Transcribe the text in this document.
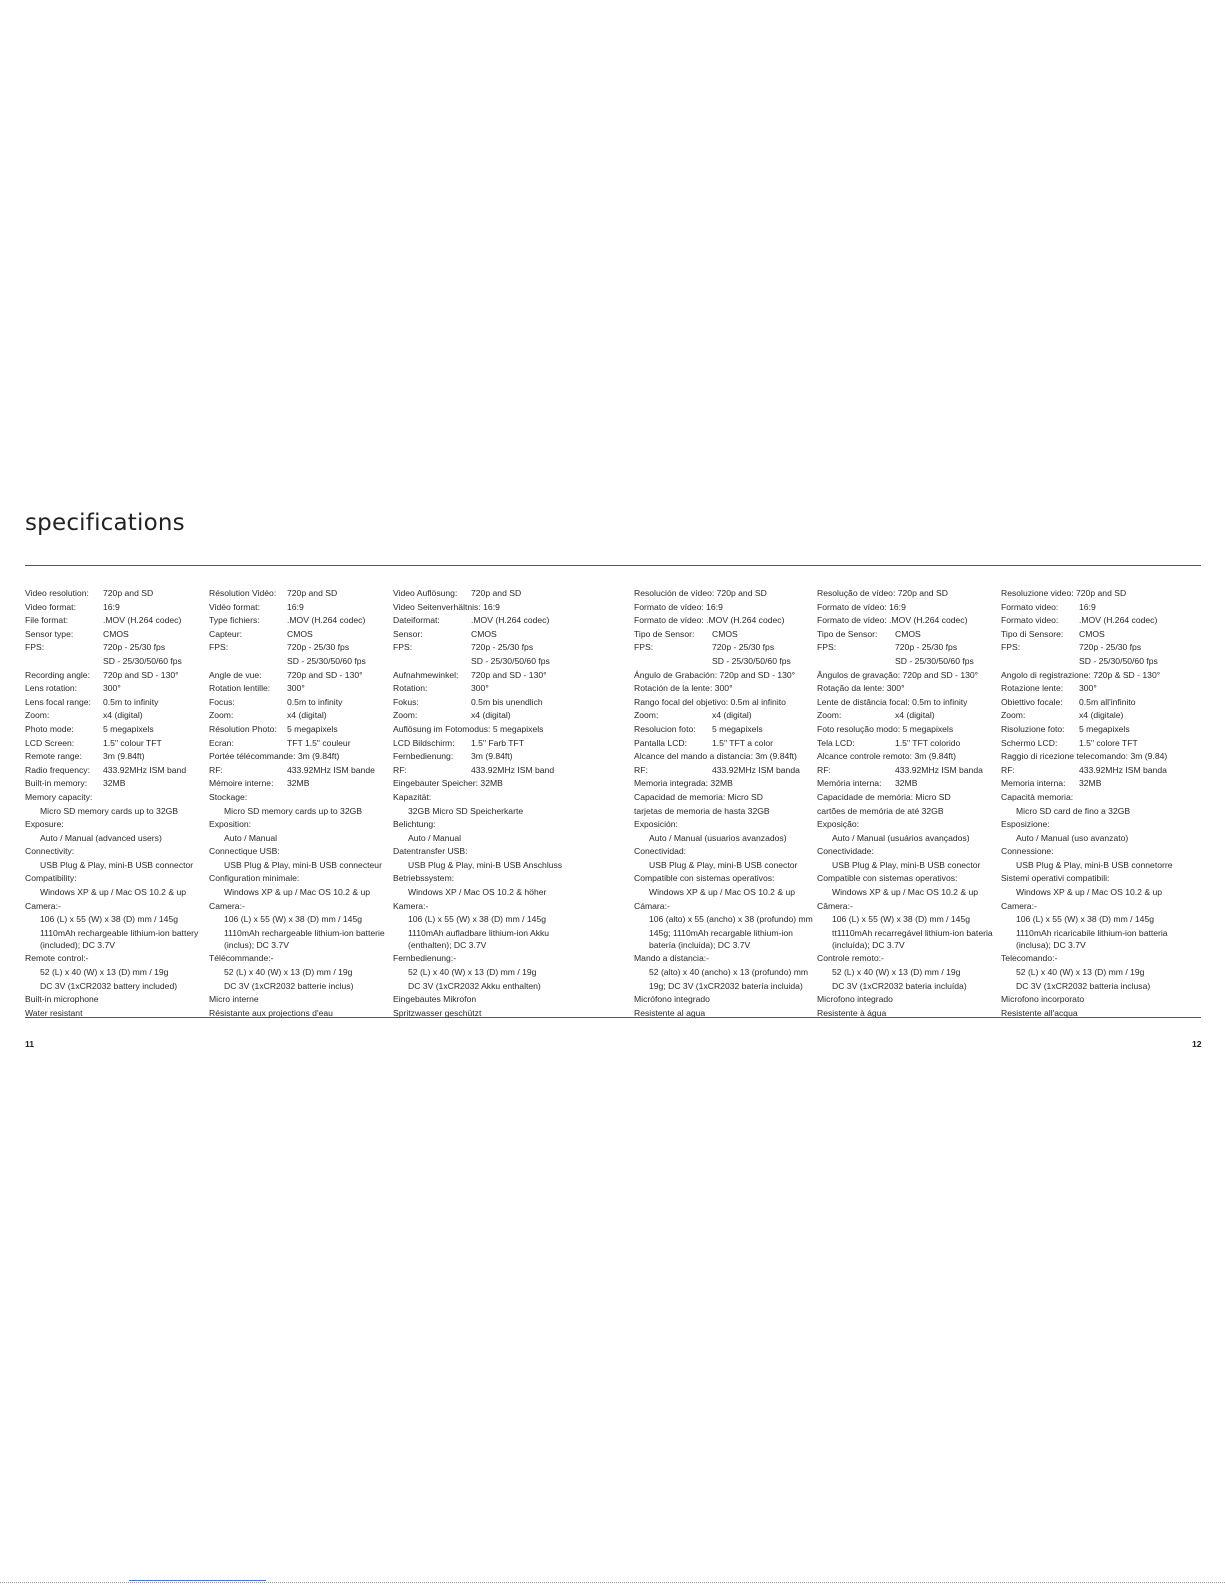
specifications
Video resolution: 720p and SD
Video format:	16:9
File format:	.MOV (H.264 codec)
Sensor type:	CMOS
FPS:	720p - 25/30 fps
SD - 25/30/50/60 fps
Recording angle: 720p and SD - 130°
Lens rotation:	300°
Lens focal range: 0.5m to infinity
Zoom:	x4 (digital)
Photo mode:	5 megapixels
LCD Screen:	1.5" colour TFT
Remote range: 3m (9.84ft)
Radio frequency: 433.92MHz ISM band
Built-in memory: 32MB
Memory capacity:
Micro SD memory cards up to 32GB
Exposure:
Auto / Manual (advanced users)
Connectivity:
USB Plug & Play, mini-B USB connector
Compatibility:
Windows XP & up / Mac OS 10.2 & up
Camera:-
106 (L) x 55 (W) x 38 (D) mm / 145g
1110mAh rechargeable lithium-ion battery (included); DC 3.7V
Remote control:-
52 (L) x 40 (W) x 13 (D) mm / 19g
DC 3V (1xCR2032 battery included)
Built-in microphone
Water resistant
Résolution Vidéo: 720p and SD
Vidéo format:	16:9
Type fichiers:	.MOV (H.264 codec)
Capteur:	CMOS
FPS:	720p - 25/30 fps
SD - 25/30/50/60 fps
Angle de vue:	720p and SD - 130°
Rotation lentille: 300°
Focus:	0.5m to infinity
Zoom:	x4 (digital)
Résolution Photo: 5 megapixels
Ecran:	TFT 1.5" couleur
Portée télécommande: 3m (9.84ft)
RF:	433.92MHz ISM bande
Mémoire interne: 32MB
Stockage:
Micro SD memory cards up to 32GB
Exposition:
Auto / Manual
Connectique USB:
USB Plug & Play, mini-B USB connecteur
Configuration minimale:
Windows XP & up / Mac OS 10.2 & up
Camera:-
106 (L) x 55 (W) x 38 (D) mm / 145g
1110mAh rechargeable lithium-ion batterie (inclus); DC 3.7V
Télécommande:-
52 (L) x 40 (W) x 13 (D) mm / 19g
DC 3V (1xCR2032 batterie inclus)
Micro interne
Résistante aux projections d'eau
Video Auflösung: 720p and SD
Video Seitenverhältnis: 16:9
Dateiformat:	.MOV (H.264 codec)
Sensor:	CMOS
FPS:	720p - 25/30 fps
SD - 25/30/50/60 fps
Aufnahmewinkel: 720p and SD - 130°
Rotation:	300°
Fokus:	0.5m bis unendlich
Zoom:	x4 (digital)
Auflösung im Fotomodus: 5 megapixels
LCD Bildschirm: 1.5" Farb TFT
Fernbedienung: 3m (9.84ft)
RF:	433.92MHz ISM band
Eingebauter Speicher: 32MB
Kapazität:
32GB Micro SD Speicherkarte
Belichtung:
Auto / Manual
Datentransfer USB:
USB Plug & Play, mini-B USB Anschluss
Betriebssystem:
Windows XP / Mac OS 10.2 & höher
Kamera:-
106 (L) x 55 (W) x 38 (D) mm / 145g
1110mAh aufladbare lithium-ion Akku (enthalten); DC 3.7V
Fernbedienung:-
52 (L) x 40 (W) x 13 (D) mm / 19g
DC 3V (1xCR2032 Akku enthalten)
Eingebautes Mikrofon
Spritzwasser geschützt
Resolución de vídeo: 720p and SD
Formato de vídeo: 16:9
Formato de vídeo: .MOV (H.264 codec)
Tipo de Sensor: CMOS
FPS:	720p - 25/30 fps
SD - 25/30/50/60 fps
Ángulo de Grabación: 720p and SD - 130°
Rotación de la lente: 300°
Rango focal del objetivo: 0.5m al infinito
Zoom:	x4 (digital)
Resolucion foto: 5 megapixels
Pantalla LCD:	1.5" TFT a color
Alcance del mando a distancia: 3m (9.84ft)
RF:	433.92MHz ISM banda
Memoria integrada: 32MB
Capacidad de memoria: Micro SD
tarjetas de memoria de hasta 32GB
Exposición:
Auto / Manual (usuarios avanzados)
Conectividad:
USB Plug & Play, mini-B USB conector
Compatible con sistemas operativos:
Windows XP & up / Mac OS 10.2 & up
Cámara:-
106 (alto) x 55 (ancho) x 38 (profundo) mm
145g; 1110mAh recargable lithium-ion batería (incluida); DC 3.7V
Mando a distancia:-
52 (alto) x 40 (ancho) x 13 (profundo) mm
19g; DC 3V (1xCR2032 batería incluida)
Micrófono integrado
Resistente al agua
Resolução de vídeo: 720p and SD
Formato de vídeo: 16:9
Formato de vídeo: .MOV (H.264 codec)
Tipo de Sensor: CMOS
FPS:	720p - 25/30 fps
SD - 25/30/50/60 fps
Ângulos de gravação: 720p and SD - 130°
Rotação da lente: 300°
Lente de distância focal: 0.5m to infinity
Zoom:	x4 (digital)
Foto resolução modo: 5 megapixels
Tela LCD:	1.5" TFT colorido
Alcance controle remoto: 3m (9.84ft)
RF:	433.92MHz ISM banda
Memória interna: 32MB
Capacidade de memória: Micro SD
cartões de memória de até 32GB
Exposição:
Auto / Manual (usuários avançados)
Conectividade:
USB Plug & Play, mini-B USB conector
Compatible con sistemas operativos:
Windows XP & up / Mac OS 10.2 & up
Câmera:-
106 (L) x 55 (W) x 38 (D) mm / 145g
tt1110mAh recarregável lithium-ion bateria (incluída); DC 3.7V
Controle remoto:-
52 (L) x 40 (W) x 13 (D) mm / 19g
DC 3V (1xCR2032 bateria incluída)
Microfono integrado
Resistente à água
Resoluzione video: 720p and SD
Formato video: 16:9
Formato video: .MOV (H.264 codec)
Tipo di Sensore: CMOS
FPS:	720p - 25/30 fps
SD - 25/30/50/60 fps
Angolo di registrazione: 720p & SD - 130°
Rotazione lente: 300°
Obiettivo focale: 0.5m all'infinito
Zoom:	x4 (digitale)
Risoluzione foto: 5 megapixels
Schermo LCD:	1.5" colore TFT
Raggio di ricezione telecomando: 3m (9.84)
RF:	433.92MHz ISM banda
Memoria interna: 32MB
Capacità memoria:
Micro SD card de fino a 32GB
Esposizione:
Auto / Manual (uso avanzato)
Connessione:
USB Plug & Play, mini-B USB connetorre
Sistemi operativi compatibili:
Windows XP & up / Mac OS 10.2 & up
Camera:-
106 (L) x 55 (W) x 38 (D) mm / 145g
1110mAh ricaricabile lithium-ion batteria (inclusa); DC 3.7V
Telecomando:-
52 (L) x 40 (W) x 13 (D) mm / 19g
DC 3V (1xCR2032 batteria inclusa)
Microfono incorporato
Resistente all'acqua
11	12
